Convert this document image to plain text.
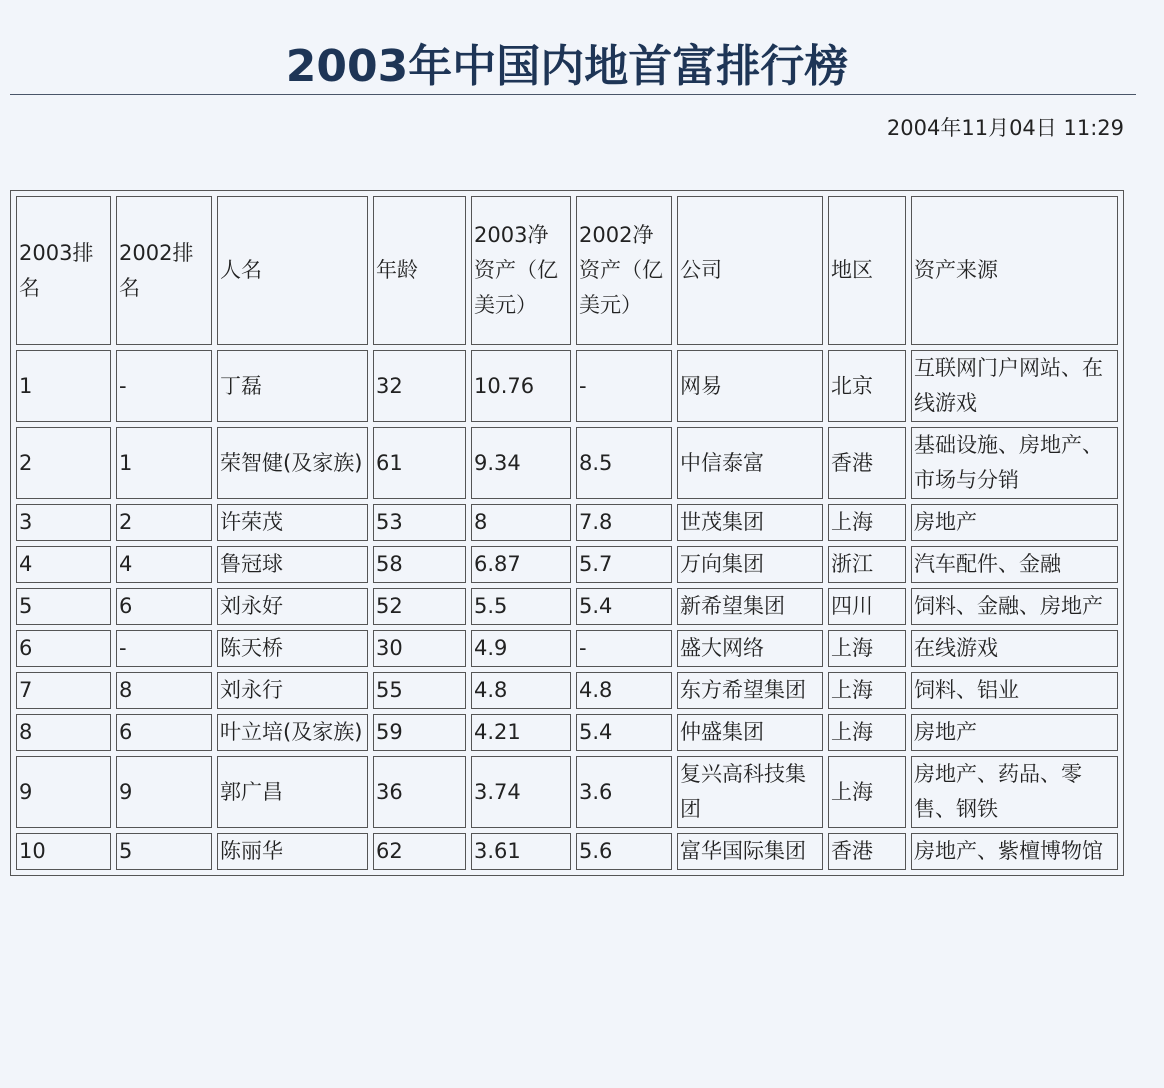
2003年中国内地首富排行榜
2004年11月04日 11:29
2003排名	2002排名	人名	年龄	2003净资产（亿美元）	2002净资产（亿美元）	公司	地区	资产来源
1	-	丁磊	32	10.76	-	网易	北京	互联网门户网站、在线游戏
2	1	荣智健(及家族)	61	9.34	8.5	中信泰富	香港	基础设施、房地产、市场与分销
3	2	许荣茂	53	8	7.8	世茂集团	上海	房地产
4	4	鲁冠球	58	6.87	5.7	万向集团	浙江	汽车配件、金融
5	6	刘永好	52	5.5	5.4	新希望集团	四川	饲料、金融、房地产
6	-	陈天桥	30	4.9	-	盛大网络	上海	在线游戏
7	8	刘永行	55	4.8	4.8	东方希望集团	上海	饲料、铝业
8	6	叶立培(及家族)	59	4.21	5.4	仲盛集团	上海	房地产
9	9	郭广昌	36	3.74	3.6	复兴高科技集团	上海	房地产、药品、零售、钢铁
10	5	陈丽华	62	3.61	5.6	富华国际集团	香港	房地产、紫檀博物馆
